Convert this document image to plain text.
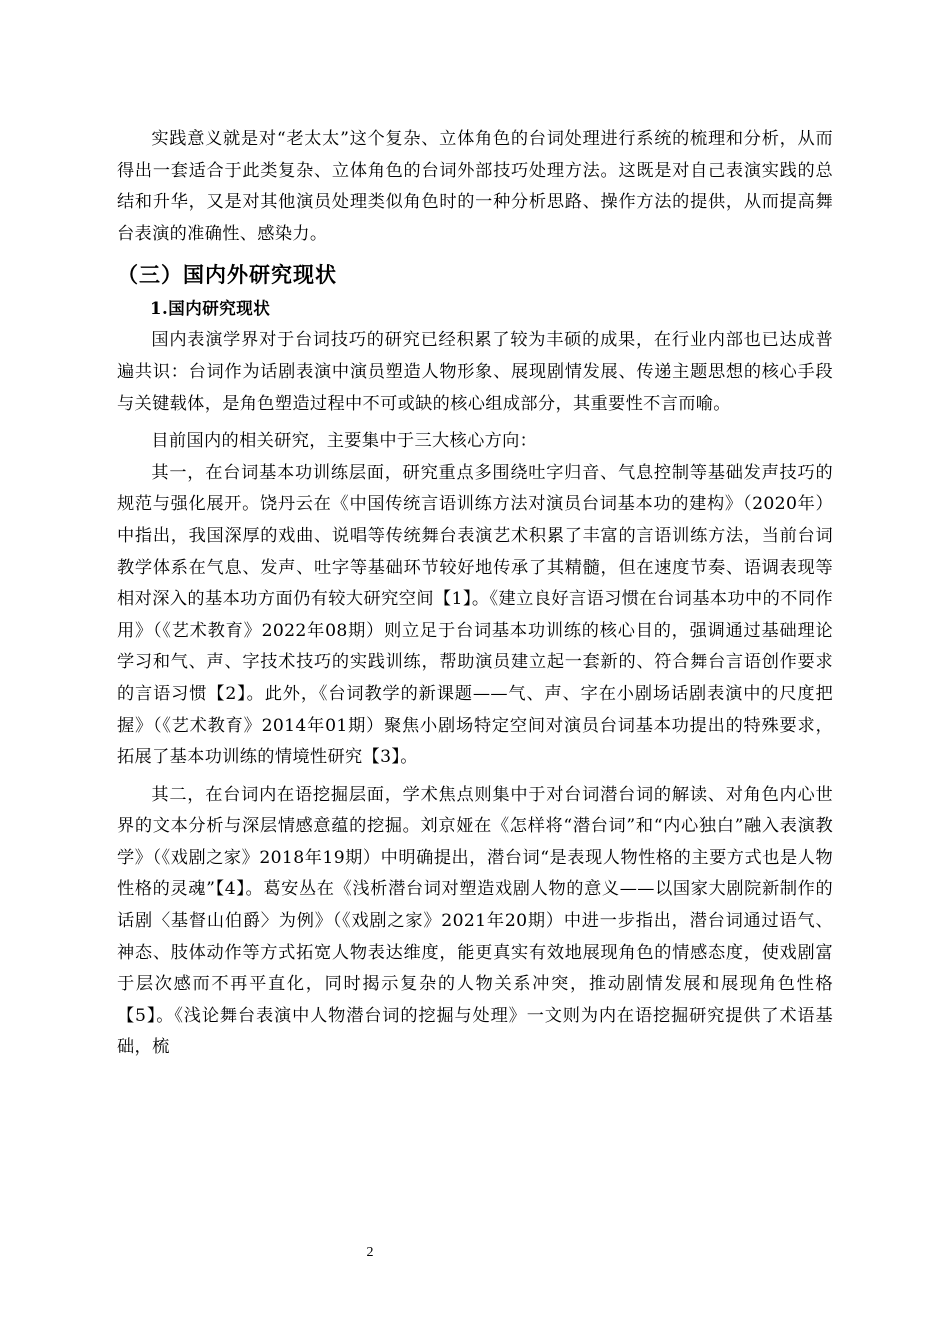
实践意义就是对“老太太”这个复杂、立体角色的台词处理进行系统的梳理和分析，从而得出一套适合于此类复杂、立体角色的台词外部技巧处理方法。这既是对自己表演实践的总结和升华，又是对其他演员处理类似角色时的一种分析思路、操作方法的提供，从而提高舞台表演的准确性、感染力。

（三）国内外研究现状
1.国内研究现状

国内表演学界对于台词技巧的研究已经积累了较为丰硕的成果，在行业内部也已达成普遍共识：台词作为话剧表演中演员塑造人物形象、展现剧情发展、传递主题思想的核心手段与关键载体，是角色塑造过程中不可或缺的核心组成部分，其重要性不言而喻。

目前国内的相关研究，主要集中于三大核心方向：

其一，在台词基本功训练层面，研究重点多围绕吐字归音、气息控制等基础发声技巧的规范与强化展开。饶丹云在《中国传统言语训练方法对演员台词基本功的建构》（2020年）中指出，我国深厚的戏曲、说唱等传统舞台表演艺术积累了丰富的言语训练方法，当前台词教学体系在气息、发声、吐字等基础环节较好地传承了其精髓，但在速度节奏、语调表现等相对深入的基本功方面仍有较大研究空间【1】。《建立良好言语习惯在台词基本功中的不同作用》（《艺术教育》2022年08期）则立足于台词基本功训练的核心目的，强调通过基础理论学习和气、声、字技术技巧的实践训练，帮助演员建立起一套新的、符合舞台言语创作要求的言语习惯【2】。此外，《台词教学的新课题——气、声、字在小剧场话剧表演中的尺度把握》（《艺术教育》2014年01期）聚焦小剧场特定空间对演员台词基本功提出的特殊要求，拓展了基本功训练的情境性研究【3】。

其二，在台词内在语挖掘层面，学术焦点则集中于对台词潜台词的解读、对角色内心世界的文本分析与深层情感意蕴的挖掘。刘京娅在《怎样将“潜台词”和“内心独白”融入表演教学》（《戏剧之家》2018年19期）中明确提出，潜台词“是表现人物性格的主要方式也是人物性格的灵魂”【4】。葛安丛在《浅析潜台词对塑造戏剧人物的意义——以国家大剧院新制作的话剧〈基督山伯爵〉为例》（《戏剧之家》2021年20期）中进一步指出，潜台词通过语气、神态、肢体动作等方式拓宽人物表达维度，能更真实有效地展现角色的情感态度，使戏剧富于层次感而不再平直化，同时揭示复杂的人物关系冲突，推动剧情发展和展现角色性格【5】。《浅论舞台表演中人物潜台词的挖掘与处理》一文则为内在语挖掘研究提供了术语基础，梳

2
